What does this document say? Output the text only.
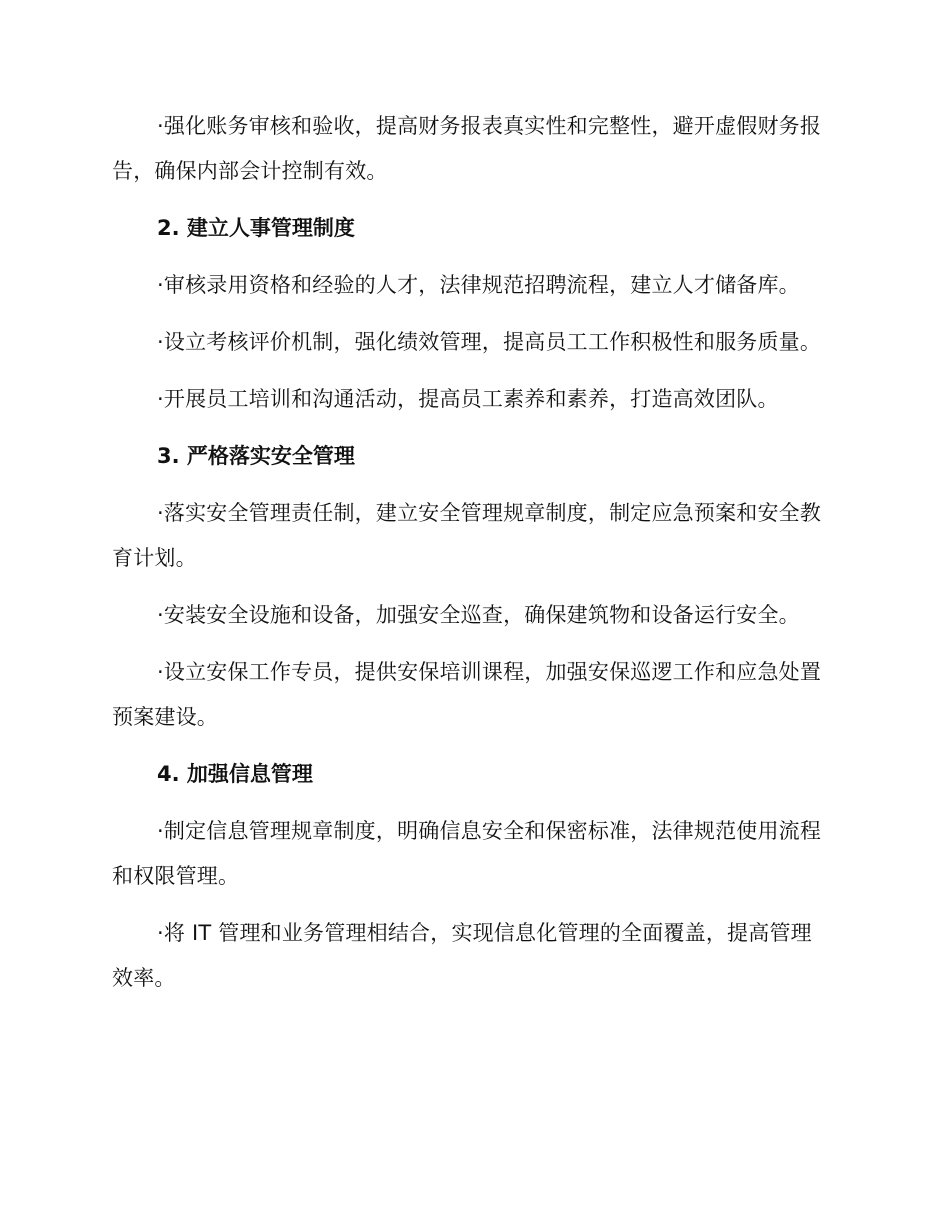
·强化账务审核和验收，提高财务报表真实性和完整性，避开虚假财务报告，确保内部会计控制有效。

2. 建立人事管理制度

·审核录用资格和经验的人才，法律规范招聘流程，建立人才储备库。

·设立考核评价机制，强化绩效管理，提高员工工作积极性和服务质量。

·开展员工培训和沟通活动，提高员工素养和素养，打造高效团队。

3. 严格落实安全管理

·落实安全管理责任制，建立安全管理规章制度，制定应急预案和安全教育计划。

·安装安全设施和设备，加强安全巡查，确保建筑物和设备运行安全。

·设立安保工作专员，提供安保培训课程，加强安保巡逻工作和应急处置预案建设。

4. 加强信息管理

·制定信息管理规章制度，明确信息安全和保密标准，法律规范使用流程和权限管理。

·将 IT 管理和业务管理相结合，实现信息化管理的全面覆盖，提高管理效率。
